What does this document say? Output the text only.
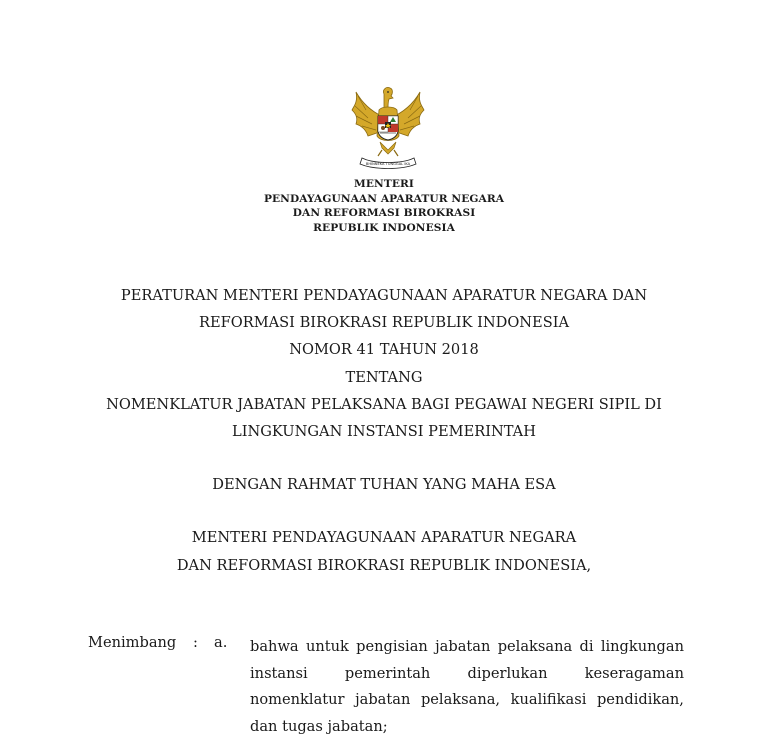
BHINNEKA TUNGGAL IKA
MENTERI
PENDAYAGUNAAN APARATUR NEGARA
DAN REFORMASI BIROKRASI
REPUBLIK INDONESIA
PERATURAN MENTERI PENDAYAGUNAAN APARATUR NEGARA DAN
REFORMASI BIROKRASI REPUBLIK INDONESIA
NOMOR 41 TAHUN 2018
TENTANG
NOMENKLATUR JABATAN PELAKSANA BAGI PEGAWAI NEGERI SIPIL DI
LINGKUNGAN INSTANSI PEMERINTAH
DENGAN RAHMAT TUHAN YANG MAHA ESA
MENTERI PENDAYAGUNAAN APARATUR NEGARA
DAN REFORMASI BIROKRASI REPUBLIK INDONESIA,
Menimbang : a. bahwa untuk pengisian jabatan pelaksana di lingkungan
instansi	pemerintah	diperlukan	keseragaman
nomenklatur jabatan pelaksana, kualifikasi pendidikan,
dan tugas jabatan;
